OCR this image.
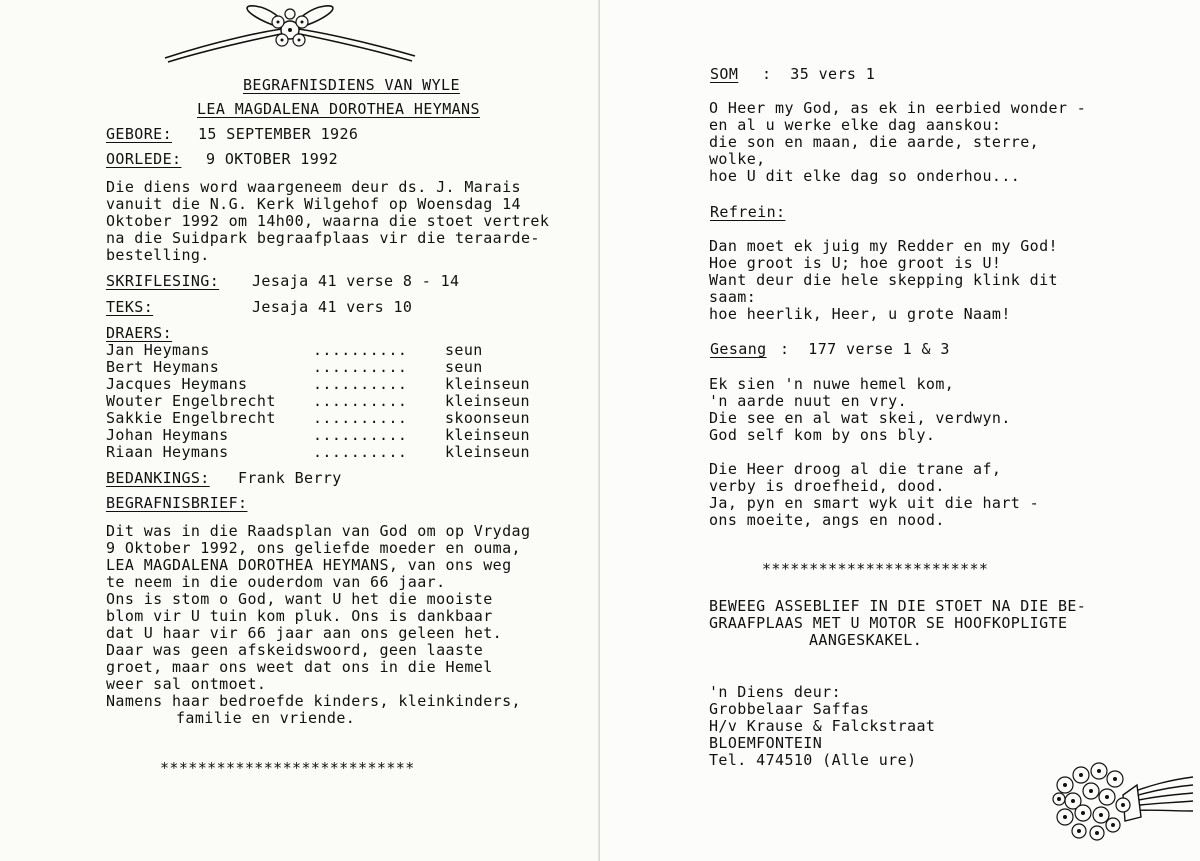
BEGRAFNISDIENS VAN WYLE
LEA MAGDALENA DOROTHEA HEYMANS
GEBORE: 15 SEPTEMBER 1926
OORLEDE: 9 OKTOBER 1992
Die diens word waargeneem deur ds. J. Marais
vanuit die N.G. Kerk Wilgehof op Woensdag 14
Oktober 1992 om 14h00, waarna die stoet vertrek
na die Suidpark begraafplaas vir die teraarde-
bestelling.
SKRIFLESING: Jesaja 41 verse 8 - 14
TEKS:	Jesaja 41 vers 10
DRAERS:
Jan Heymans	..........	seun
Bert Heymans	..........	seun
Jacques Heymans	..........	kleinseun
Wouter Engelbrecht ..........	kleinseun
Sakkie Engelbrecht ..........	skoonseun
Johan Heymans	..........	kleinseun
Riaan Heymans	..........	kleinseun
BEDANKINGS: Frank Berry
BEGRAFNISBRIEF:
Dit was in die Raadsplan van God om op Vrydag
9 Oktober 1992, ons geliefde moeder en ouma,
LEA MAGDALENA DOROTHEA HEYMANS, van ons weg
te neem in die ouderdom van 66 jaar.
Ons is stom o God, want U het die mooiste
blom vir U tuin kom pluk. Ons is dankbaar
dat U haar vir 66 jaar aan ons geleen het.
Daar was geen afskeidswoord, geen laaste
groet, maar ons weet dat ons in die Hemel
weer sal ontmoet.
Namens haar bedroefde kinders, kleinkinders,
familie en vriende.
***************************
SOM :  35 vers 1
O Heer my God, as ek in eerbied wonder -
en al u werke elke dag aanskou:
die son en maan, die aarde, sterre,
wolke,
hoe U dit elke dag so onderhou...
Refrein:
Dan moet ek juig my Redder en my God!
Hoe groot is U; hoe groot is U!
Want deur die hele skepping klink dit
saam:
hoe heerlik, Heer, u grote Naam!
Gesang :  177 verse 1 & 3
Ek sien 'n nuwe hemel kom,
'n aarde nuut en vry.
Die see en al wat skei, verdwyn.
God self kom by ons bly.
Die Heer droog al die trane af,
verby is droefheid, dood.
Ja, pyn en smart wyk uit die hart -
ons moeite, angs en nood.
************************
BEWEEG ASSEBLIEF IN DIE STOET NA DIE BE-
GRAAFPLAAS MET U MOTOR SE HOOFKOPLIGTE
AANGESKAKEL.
'n Diens deur:
Grobbelaar Saffas
H/v Krause & Falckstraat
BLOEMFONTEIN
Tel. 474510 (Alle ure)
